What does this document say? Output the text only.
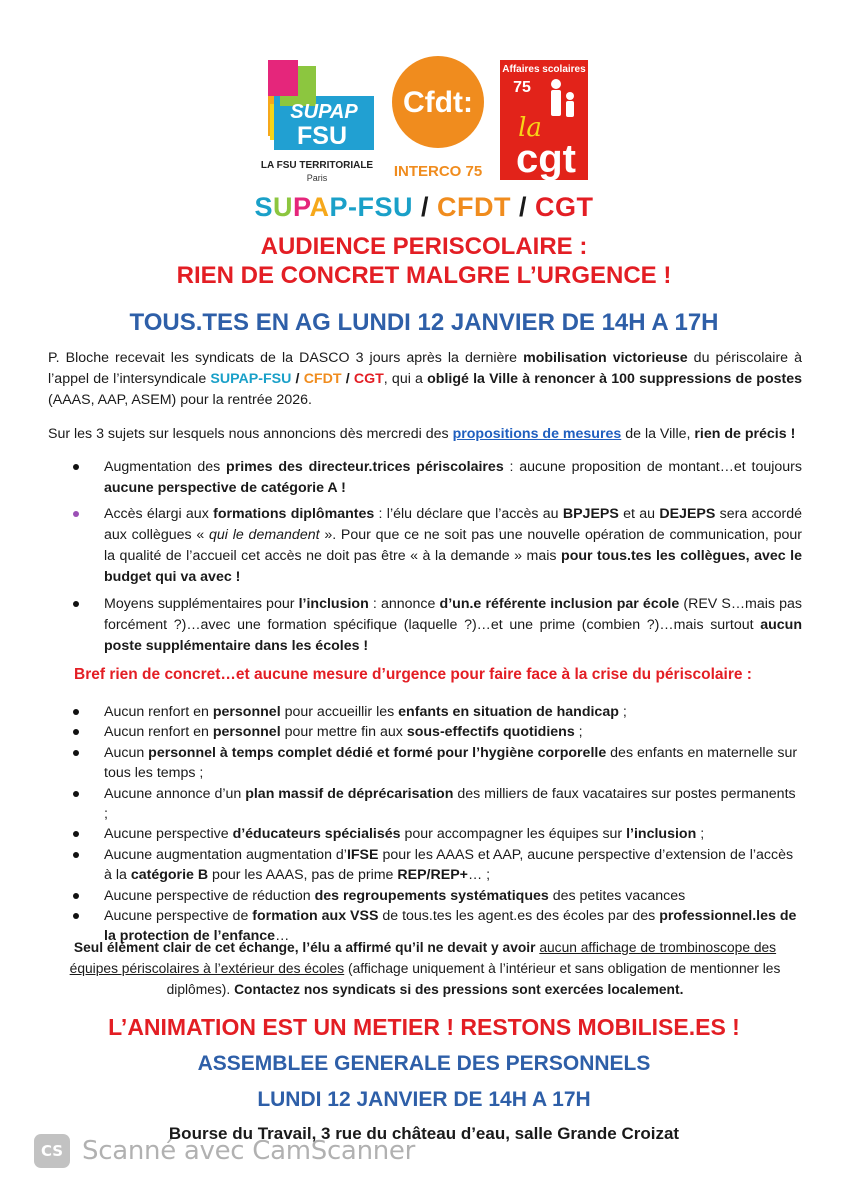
SUPAP
FSU
LA FSU TERRITORIALE
Paris
Cfdt:
INTERCO 75
Affaires scolaires
75
la
cgt
SUPAP-FSU / CFDT / CGT
AUDIENCE PERISCOLAIRE :
RIEN DE CONCRET MALGRE L’URGENCE !
TOUS.TES EN AG LUNDI 12 JANVIER DE 14H A 17H
P. Bloche recevait les syndicats de la DASCO 3 jours après la dernière mobilisation victorieuse du périscolaire à l’appel de l’intersyndicale SUPAP-FSU / CFDT / CGT, qui a obligé la Ville à renoncer à 100 suppressions de postes (AAAS, AAP, ASEM) pour la rentrée 2026.
Sur les 3 sujets sur lesquels nous annoncions dès mercredi des propositions de mesures de la Ville, rien de précis !
Augmentation des primes des directeur.trices périscolaires : aucune proposition de montant…et toujours aucune perspective de catégorie A !
Accès élargi aux formations diplômantes : l’élu déclare que l’accès au BPJEPS et au DEJEPS sera accordé aux collègues « qui le demandent ». Pour que ce ne soit pas une nouvelle opération de communication, pour la qualité de l’accueil cet accès ne doit pas être « à la demande » mais pour tous.tes les collègues, avec le budget qui va avec !
Moyens supplémentaires pour l’inclusion : annonce d’un.e référente inclusion par école (REV S…mais pas forcément ?)…avec une formation spécifique (laquelle ?)…et une prime (combien ?)…mais surtout aucun poste supplémentaire dans les écoles !
Bref rien de concret…et aucune mesure d’urgence pour faire face à la crise du périscolaire :
Aucun renfort en personnel pour accueillir les enfants en situation de handicap ;
Aucun renfort en personnel pour mettre fin aux sous-effectifs quotidiens ;
Aucun personnel à temps complet dédié et formé pour l’hygiène corporelle des enfants en maternelle sur tous les temps ;
Aucune annonce d’un plan massif de déprécarisation des milliers de faux vacataires sur postes permanents ;
Aucune perspective d’éducateurs spécialisés pour accompagner les équipes sur l’inclusion ;
Aucune augmentation augmentation d’IFSE pour les AAAS et AAP, aucune perspective d’extension de l’accès à la catégorie B pour les AAAS, pas de prime REP/REP+… ;
Aucune perspective de réduction des regroupements systématiques des petites vacances
Aucune perspective de formation aux VSS de tous.tes les agent.es des écoles par des professionnel.les de la protection de l’enfance…
Seul élément clair de cet échange, l’élu a affirmé qu’il ne devait y avoir aucun affichage de trombinoscope des équipes périscolaires à l’extérieur des écoles (affichage uniquement à l’intérieur et sans obligation de mentionner les diplômes). Contactez nos syndicats si des pressions sont exercées localement.
L’ANIMATION EST UN METIER ! RESTONS MOBILISE.ES !
ASSEMBLEE GENERALE DES PERSONNELS
LUNDI 12 JANVIER DE 14H A 17H
Bourse du Travail, 3 rue du château d’eau, salle Grande Croizat
CS Scanné avec CamScanner
